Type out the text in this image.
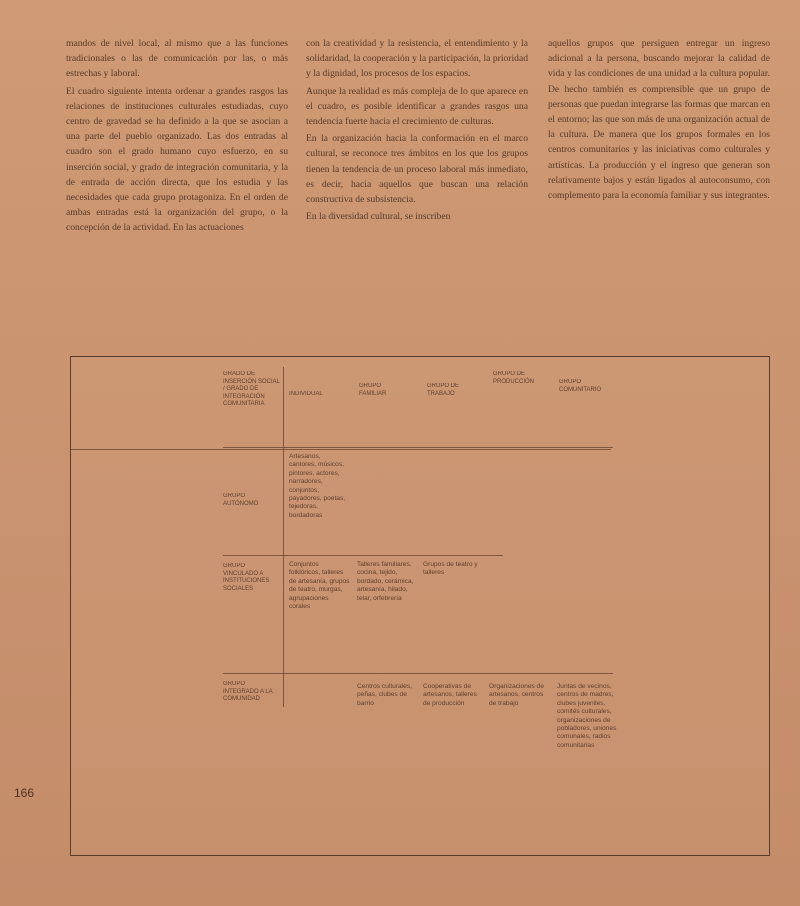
mandos de nivel local, al mismo que a las funciones tradicionales o las de comunicación por las, o más estrechas y laboral.

El cuadro siguiente intenta ordenar a grandes rasgos las relaciones de instituciones culturales estudiadas, cuyo centro de gravedad se ha definido a la que se asocian a una parte del pueblo organizado. Las dos entradas al cuadro son el grado humano cuyo esfuerzo, en su inserción social, y grado de integración comunitaria, y la de entrada de acción directa, que los estudia y las necesidades que cada grupo protagoniza. En el orden de ambas entradas está la organización del grupo, o la concepción de la actividad. En las actuaciones

con la creatividad y la resistencia, el entendimiento y la solidaridad, la cooperación y la participación, la prioridad y la dignidad, los procesos de los espacios.

Aunque la realidad es más compleja de lo que aparece en el cuadro, es posible identificar a grandes rasgos una tendencia fuerte hacia el crecimiento de culturas.

En la organización hacia la conformación en el marco cultural, se reconoce tres ámbitos en los que los grupos tienen la tendencia de un proceso laboral más inmediato, es decir, hacia aquellos que buscan una relación constructiva de subsistencia.

En la diversidad cultural, se inscriben

aquellos grupos que persiguen entregar un ingreso adicional a la persona, buscando mejorar la calidad de vida y las condiciones de una unidad a la cultura popular. De hecho también es comprensible que un grupo de personas que puedan integrarse las formas que marcan en el entorno; las que son más de una organización actual de la cultura. De manera que los grupos formales en los centros comunitarios y las iniciativas como culturales y artísticas. La producción y el ingreso que generan son relativamente bajos y están ligados al autoconsumo, con complemento para la economía familiar y sus integrantes.

GRADO DE INSERCIÓN SOCIAL / GRADO DE INTEGRACIÓN COMUNITARIA
INDIVIDUAL
GRUPO FAMILIAR
GRUPO DE TRABAJO
GRUPO DE PRODUCCIÓN	GRUPO COMUNITARIO
GRUPO AUTÓNOMO
GRUPO VINCULADO A INSTITUCIONES SOCIALES
GRUPO INTEGRADO A LA COMUNIDAD
Artesanos, cantores, músicos, pintores, actores, narradores, conjuntos, payadores, poetas, tejedoras, bordadoras
Conjuntos folklóricos, talleres de artesanía, grupos de teatro, murgas, agrupaciones corales
Talleres familiares, cocina, tejido, bordado, cerámica, artesanía, hilado, telar, orfebrería
Grupos de teatro y talleres
Centros culturales, peñas, clubes de barrio
Cooperativas de artesanos, talleres de producción
Organizaciones de artesanos, centros de trabajo
Juntas de vecinos, centros de madres, clubes juveniles, comités culturales, organizaciones de pobladores, uniones comunales, radios comunitarias
166
